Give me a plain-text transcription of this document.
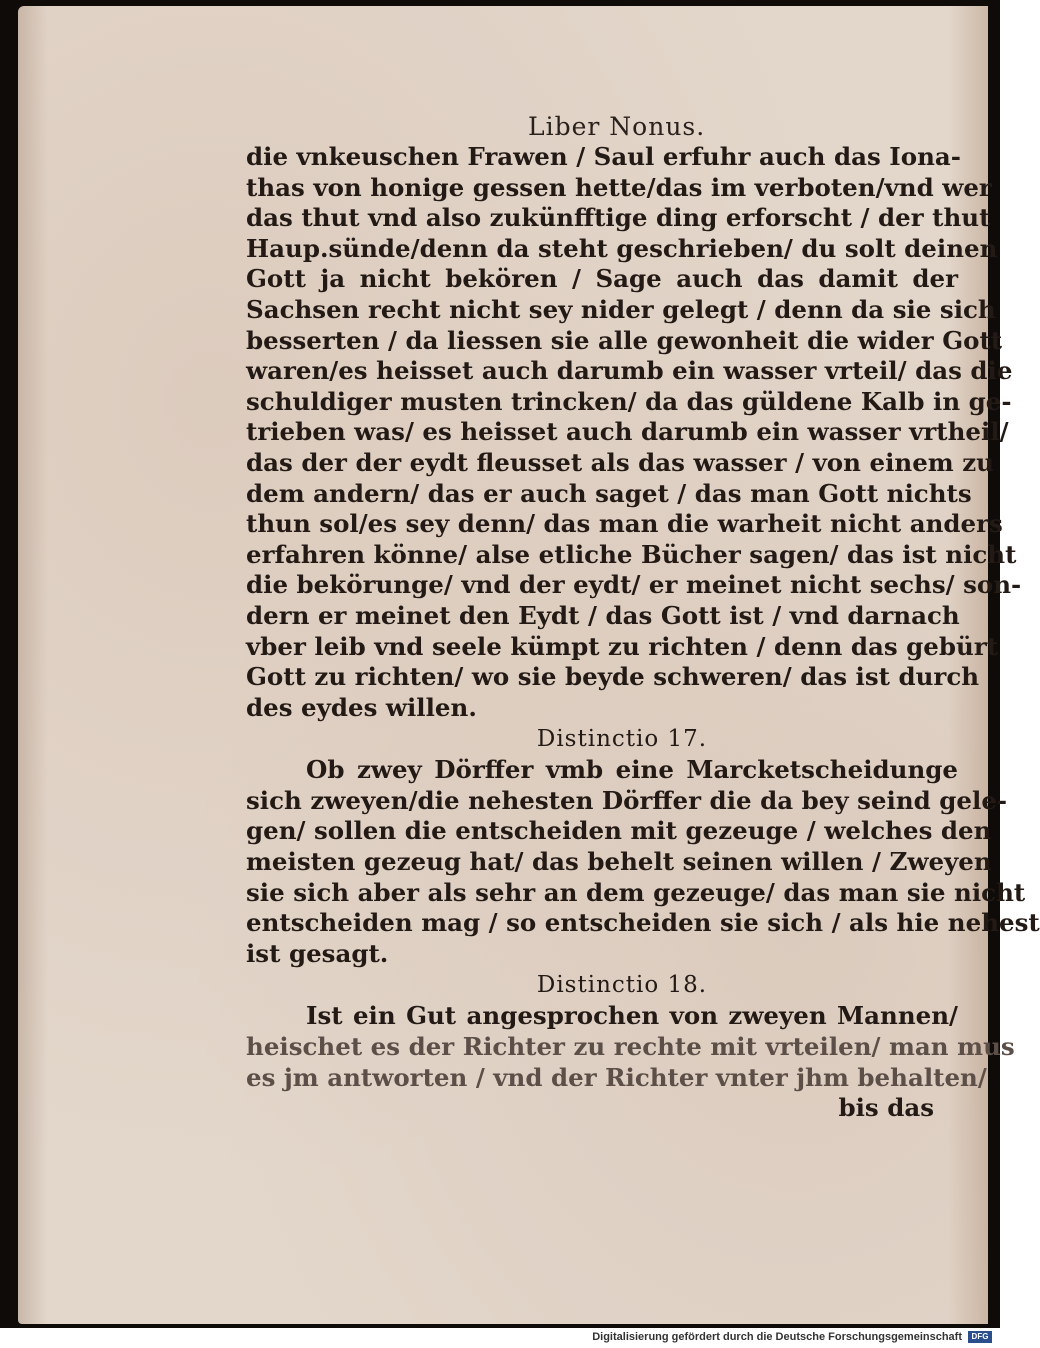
Liber Nonus.
die vnkeuschen Frawen / Saul erfuhr auch das Iona-
thas von honige gessen hette/das im verboten/vnd wer
das thut vnd also zukünfftige ding erforscht / der thut
Haup.sünde/denn da steht geschrieben/ du solt deinen
Gott ja nicht bekören / Sage auch das damit der
Sachsen recht nicht sey nider gelegt / denn da sie sich
besserten / da liessen sie alle gewonheit die wider Gott
waren/es heisset auch darumb ein wasser vrteil/ das die
schuldiger musten trincken/ da das güldene Kalb in ge-
trieben was/ es heisset auch darumb ein wasser vrtheil/
das der der eydt fleusset als das wasser / von einem zu
dem andern/ das er auch saget / das man Gott nichts
thun sol/es sey denn/ das man die warheit nicht anders
erfahren könne/ alse etliche Bücher sagen/ das ist nicht
die bekörunge/ vnd der eydt/ er meinet nicht sechs/ son-
dern er meinet den Eydt / das Gott ist / vnd darnach
vber leib vnd seele kümpt zu richten / denn das gebürt
Gott zu richten/ wo sie beyde schweren/ das ist durch
des eydes willen.
Distinctio 17.
Ob zwey Dörffer vmb eine Marcketscheidunge
sich zweyen/die nehesten Dörffer die da bey seind gele-
gen/ sollen die entscheiden mit gezeuge / welches den
meisten gezeug hat/ das behelt seinen willen / Zweyen
sie sich aber als sehr an dem gezeuge/ das man sie nicht
entscheiden mag / so entscheiden sie sich / als hie nehest
ist gesagt.
Distinctio 18.
Ist ein Gut angesprochen von zweyen Mannen/
heischet es der Richter zu rechte mit vrteilen/ man mus
es jm antworten / vnd der Richter vnter jhm behalten/
bis das
Digitalisierung gefördert durch die Deutsche Forschungsgemeinschaft	DFG
